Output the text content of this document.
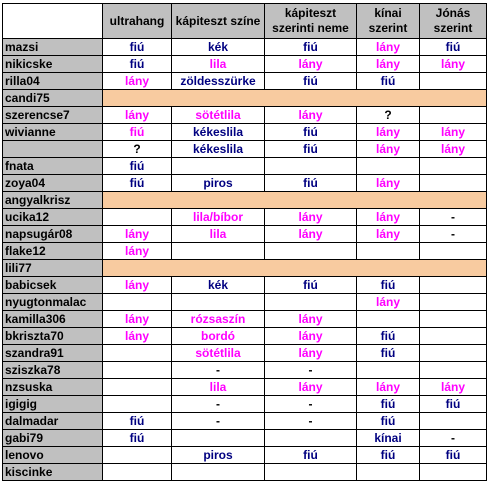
	ultrahang	kápiteszt színe	kápiteszt szerinti neme	kínai szerint	Jónás szerint
mazsi	fiú	kék	fiú	lány	fiú
nikicske	fiú	lila	lány	lány	lány
rilla04	lány	zöldesszürke	fiú	fiú	
candi75					
szerencse7	lány	sötétlila	lány	?	
wivianne	fiú	kékeslila	fiú	lány	lány
	?	kékeslila	fiú	lány	lány
fnata	fiú				
zoya04	fiú	piros	fiú	lány	
angyalkrisz					
ucika12		lila/bíbor	lány	lány	-
napsugár08	lány	lila	lány	lány	-
flake12	lány				
lili77					
babicsek	lány	kék	fiú	fiú	
nyugtonmalac				lány	
kamilla306	lány	rózsaszín	lány		
bkriszta70	lány	bordó	lány	fiú	
szandra91		sötétlila	lány	fiú	
sziszka78		-	-		
nzsuska		lila	lány	lány	lány
igigig		-	-	fiú	fiú
dalmadar	fiú	-	-	fiú	
gabi79	fiú			kínai	-
lenovo		piros	fiú	fiú	fiú
kiscinke					
